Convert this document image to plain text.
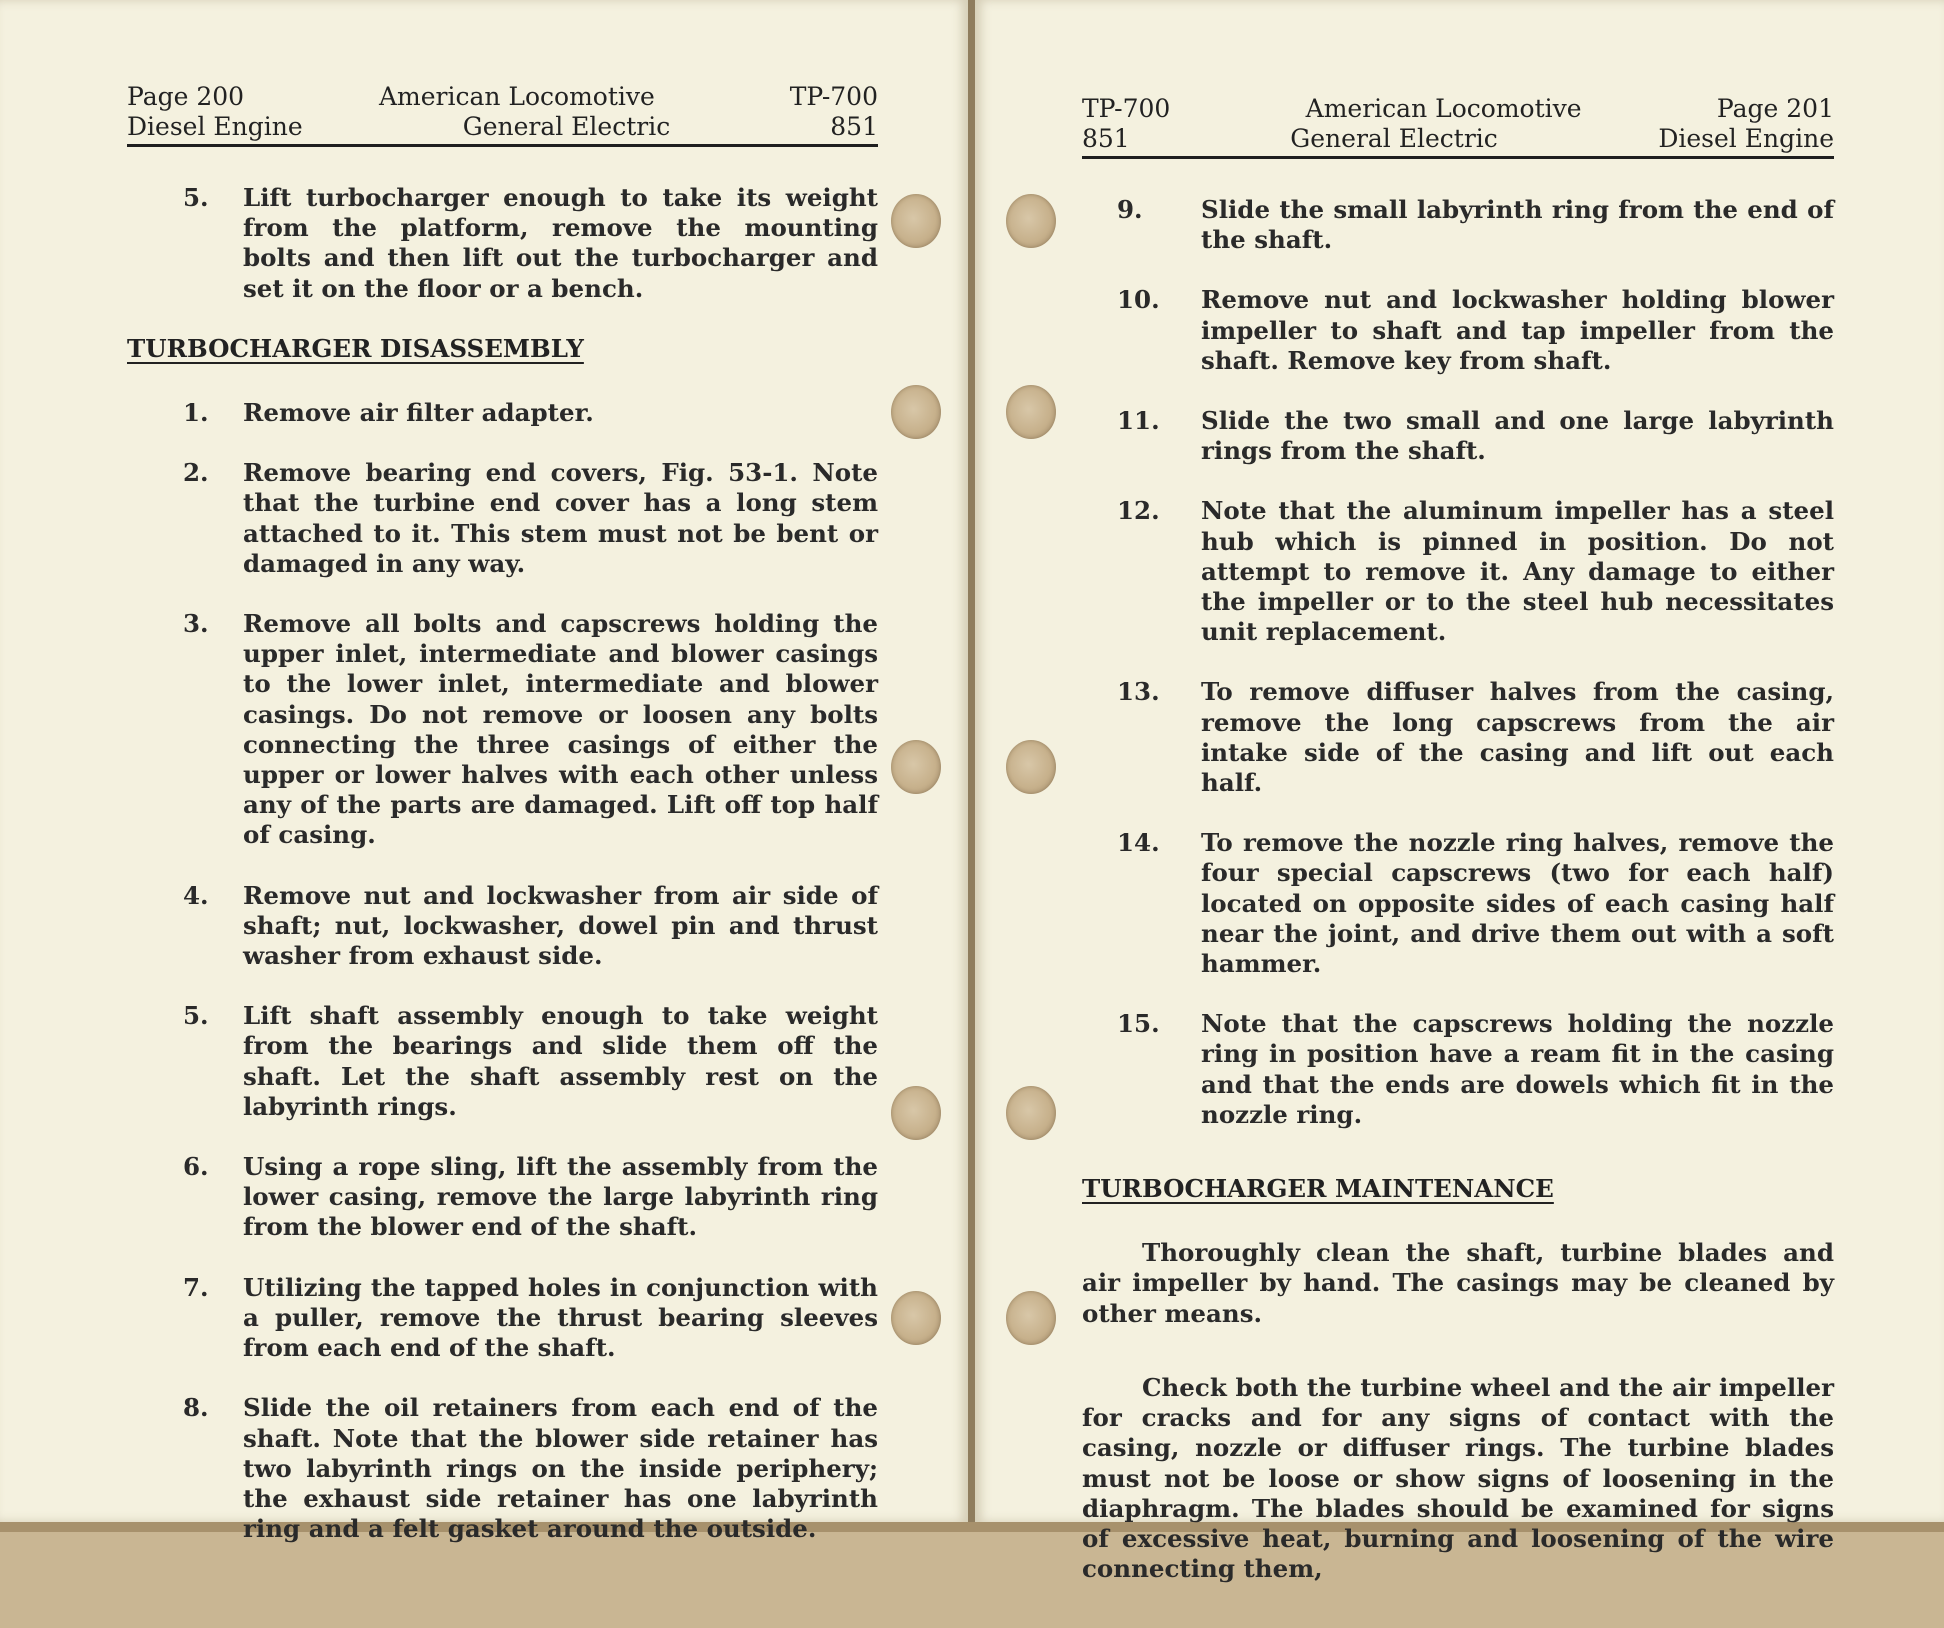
Page 200	American Locomotive	TP-700
Diesel Engine	General Electric	851
5.	Lift turbocharger enough to take its weight from the platform, remove the mounting bolts and then lift out the turbocharger and set it on the floor or a bench.
TURBOCHARGER DISASSEMBLY
1.	Remove air filter adapter.
2.	Remove bearing end covers, Fig. 53-1. Note that the turbine end cover has a long stem attached to it. This stem must not be bent or damaged in any way.
3.	Remove all bolts and capscrews holding the upper inlet, intermediate and blower casings to the lower inlet, intermediate and blower casings. Do not remove or loosen any bolts connecting the three casings of either the upper or lower halves with each other unless any of the parts are damaged. Lift off top half of casing.
4.	Remove nut and lockwasher from air side of shaft; nut, lockwasher, dowel pin and thrust washer from exhaust side.
5.	Lift shaft assembly enough to take weight from the bearings and slide them off the shaft. Let the shaft assembly rest on the labyrinth rings.
6.	Using a rope sling, lift the assembly from the lower casing, remove the large labyrinth ring from the blower end of the shaft.
7.	Utilizing the tapped holes in conjunction with a puller, remove the thrust bearing sleeves from each end of the shaft.
8.	Slide the oil retainers from each end of the shaft. Note that the blower side retainer has two labyrinth rings on the inside periphery; the exhaust side retainer has one labyrinth ring and a felt gasket around the outside.
TP-700	American Locomotive	Page 201
851	General Electric	Diesel Engine
9.	Slide the small labyrinth ring from the end of the shaft.
10.	Remove nut and lockwasher holding blower impeller to shaft and tap impeller from the shaft. Remove key from shaft.
11.	Slide the two small and one large labyrinth rings from the shaft.
12.	Note that the aluminum impeller has a steel hub which is pinned in position. Do not attempt to remove it. Any damage to either the impeller or to the steel hub necessitates unit replacement.
13.	To remove diffuser halves from the casing, remove the long capscrews from the air intake side of the casing and lift out each half.
14.	To remove the nozzle ring halves, remove the four special capscrews (two for each half) located on opposite sides of each casing half near the joint, and drive them out with a soft hammer.
15.	Note that the capscrews holding the nozzle ring in position have a ream fit in the casing and that the ends are dowels which fit in the nozzle ring.
TURBOCHARGER MAINTENANCE
Thoroughly clean the shaft, turbine blades and air impeller by hand. The casings may be cleaned by other means.
Check both the turbine wheel and the air impeller for cracks and for any signs of contact with the casing, nozzle or diffuser rings. The turbine blades must not be loose or show signs of loosening in the diaphragm. The blades should be examined for signs of excessive heat, burning and loosening of the wire connecting them,
